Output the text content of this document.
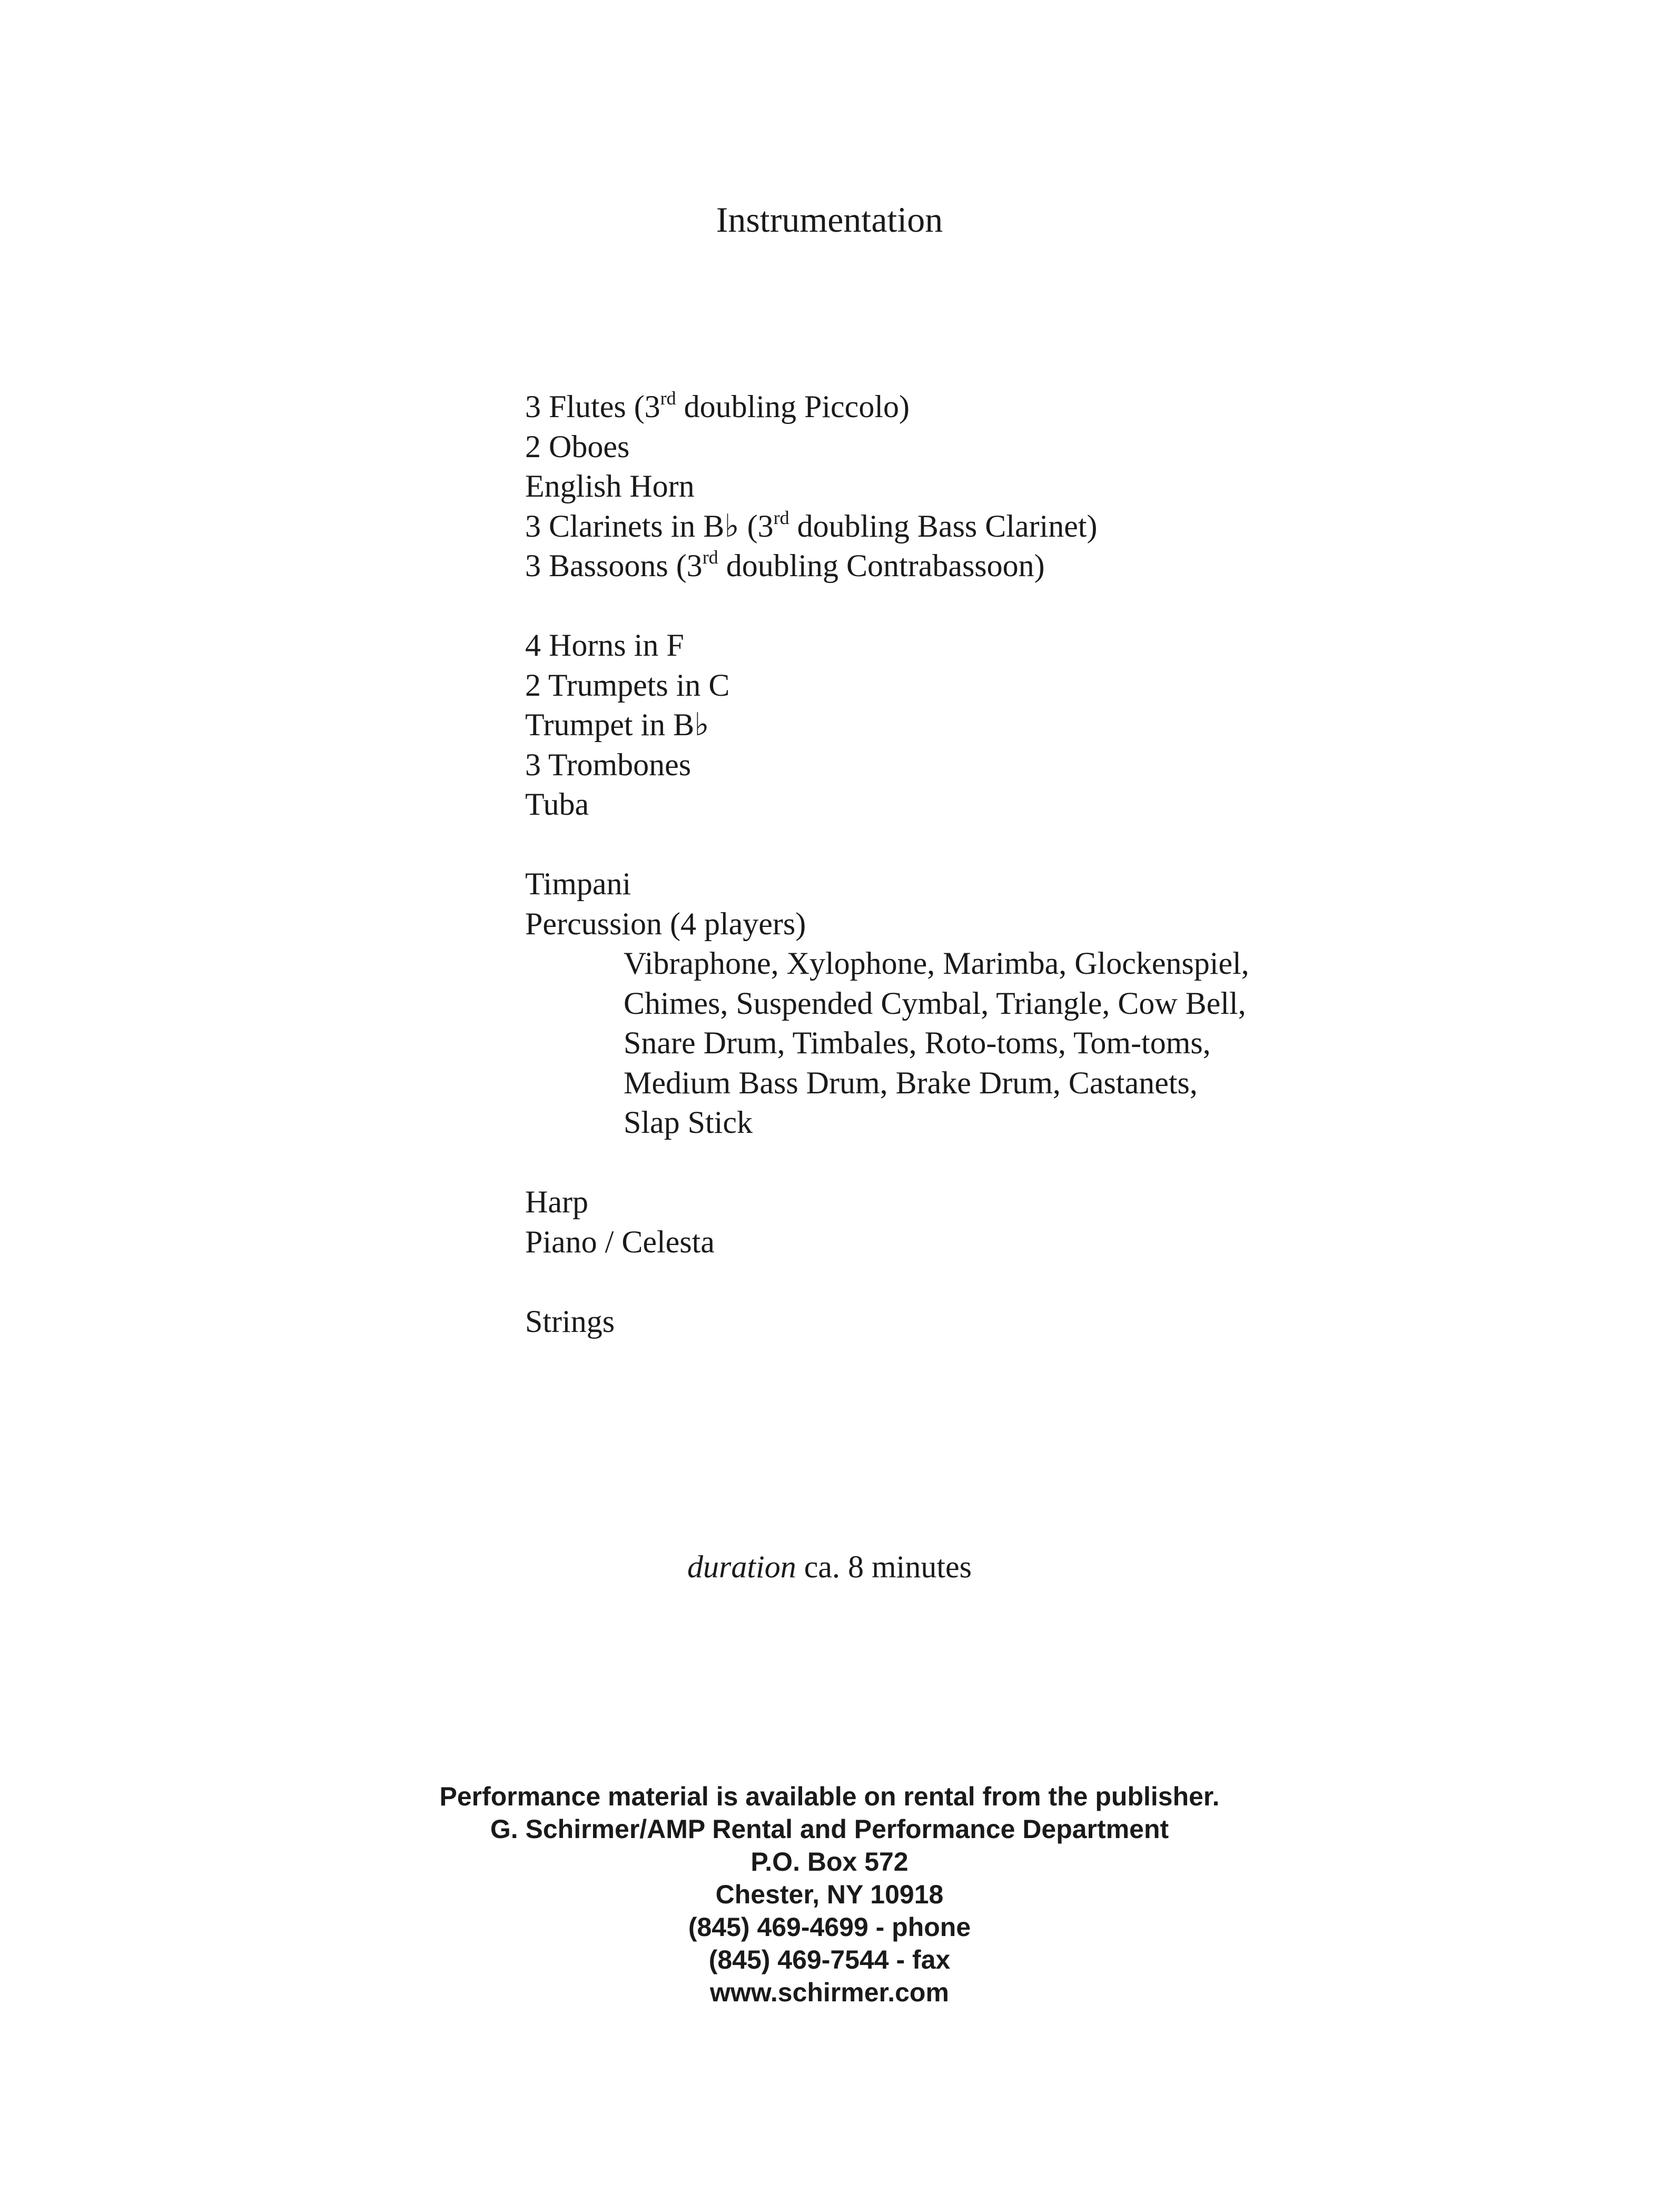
Instrumentation
3 Flutes (3rd doubling Piccolo)
2 Oboes
English Horn
3 Clarinets in B♭ (3rd doubling Bass Clarinet)
3 Bassoons (3rd doubling Contrabassoon)
4 Horns in F
2 Trumpets in C
Trumpet in B♭
3 Trombones
Tuba
Timpani
Percussion (4 players)
Vibraphone, Xylophone, Marimba, Glockenspiel,
Chimes, Suspended Cymbal, Triangle, Cow Bell,
Snare Drum, Timbales, Roto-toms, Tom-toms,
Medium Bass Drum, Brake Drum, Castanets,
Slap Stick
Harp
Piano / Celesta
Strings
duration ca. 8 minutes
Performance material is available on rental from the publisher.
G. Schirmer/AMP Rental and Performance Department
P.O. Box 572
Chester, NY 10918
(845) 469-4699 - phone
(845) 469-7544 - fax
www.schirmer.com
